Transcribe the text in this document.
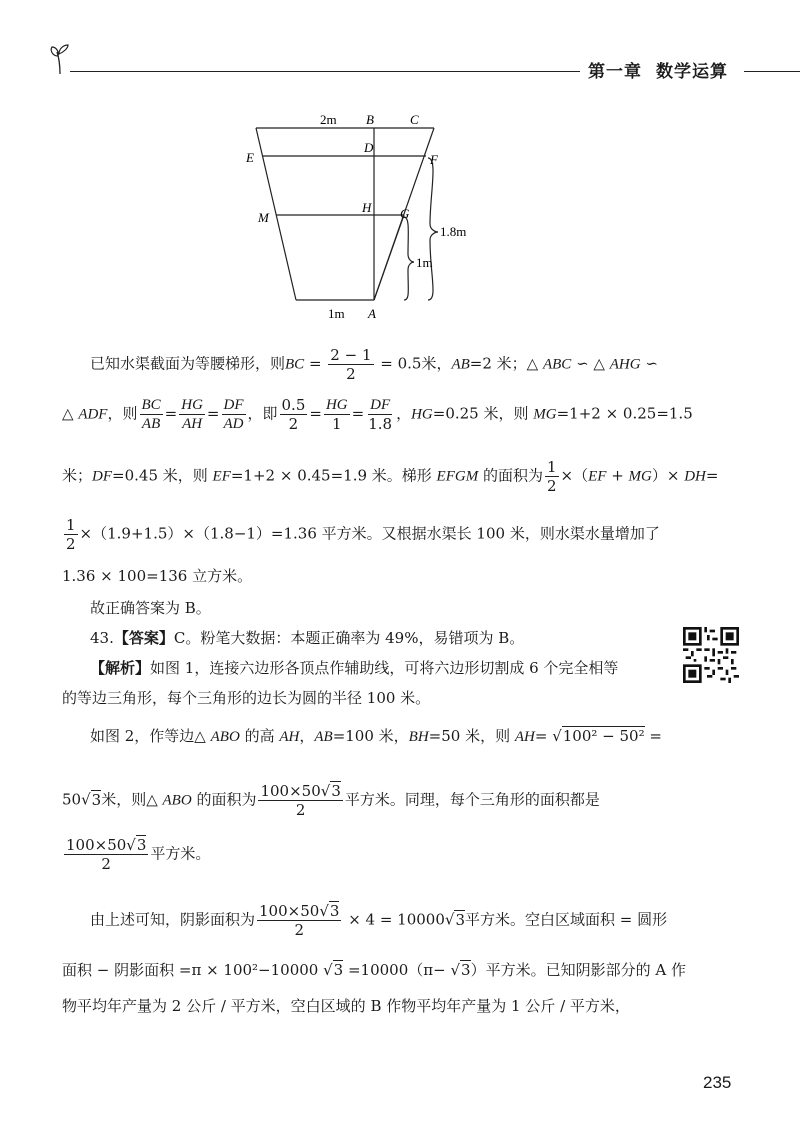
第一章 数学运算
2m B	C
D
E	F
M
H G
1.8m
1m
1m A
已知水渠截面为等腰梯形，则BC = $\frac{2 - 1}{2} = 0.5$米，AB=2 米；△ ABC ∽ △ AHG ∽
△ ADF，则 $\frac{BC}{AB} = \frac{HG}{AH} = \frac{DF}{AD}$ ，即 $\frac{0.5}{2} = \frac{HG}{1} = \frac{DF}{1.8}$ ，HG=0.25 米，则 MG=1+2 × 0.25=1.5
米；DF=0.45 米，则 EF=1+2 × 0.45=1.9 米。梯形 EFGM 的面积为 $\frac{1}{2} \times(EF + MG)\times DH=$
$\frac{1}{2} \times(1.9+1.5)\times(1.8-1)=1.36$ 平方米。又根据水渠长 100 米，则水渠水量增加了
1.36 × 100=136 立方米。
故正确答案为 B。
43.【答案】C。粉笔大数据：本题正确率为 49%，易错项为 B。
【解析】如图 1，连接六边形各顶点作辅助线，可将六边形切割成 6 个完全相等
的等边三角形，每个三角形的边长为圆的半径 100 米。
如图 2，作等边△ ABO 的高 AH，AB=100 米，BH=50 米，则 AH= √100² − 50² =
50√3米，则△ ABO 的面积为 $\frac{100\times 50√3}{2}$ 平方米。同理，每个三角形的面积都是
$\frac{100\times 50√3}{2}$ 平方米。
由上述可知，阴影面积为 $\frac{100\times 50√3}{2} \times 4 = 10000√3$平方米。空白区域面积 = 圆形
面积 − 阴影面积 =π × 100²−10000 √3 =10000（π− √3）平方米。已知阴影部分的 A 作
物平均年产量为 2 公斤 / 平方米，空白区域的 B 作物平均年产量为 1 公斤 / 平方米，
235
